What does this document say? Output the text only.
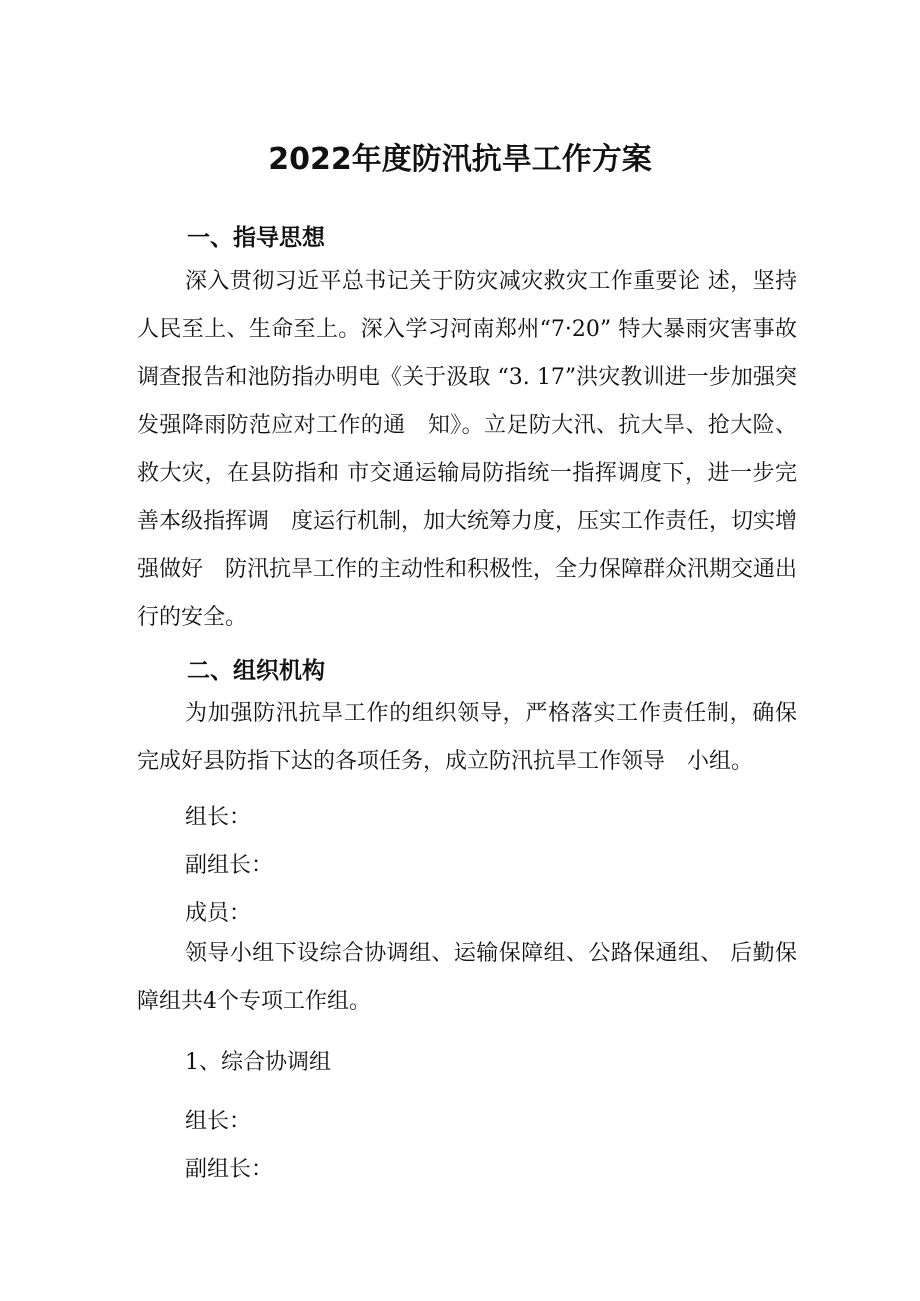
2022年度防汛抗旱工作方案
一、指导思想
深入贯彻习近平总书记关于防灾减灾救灾工作重要论 述，坚持人民至上、生命至上。深入学习河南郑州“7·20” 特大暴雨灾害事故调查报告和池防指办明电《关于汲取 “3. 17”洪灾教训进一步加强突发强降雨防范应对工作的通　知》。立足防大汛、抗大旱、抢大险、救大灾，在县防指和 市交通运输局防指统一指挥调度下，进一步完善本级指挥调　度运行机制，加大统筹力度，压实工作责任，切实增强做好　防汛抗旱工作的主动性和积极性，全力保障群众汛期交通出 行的安全。
二、组织机构
为加强防汛抗旱工作的组织领导，严格落实工作责任制，确保完成好县防指下达的各项任务，成立防汛抗旱工作领导　小组。
组长：
副组长：
成员：
领导小组下设综合协调组、运输保障组、公路保通组、 后勤保障组共4个专项工作组。
1、综合协调组
组长：
副组长：
